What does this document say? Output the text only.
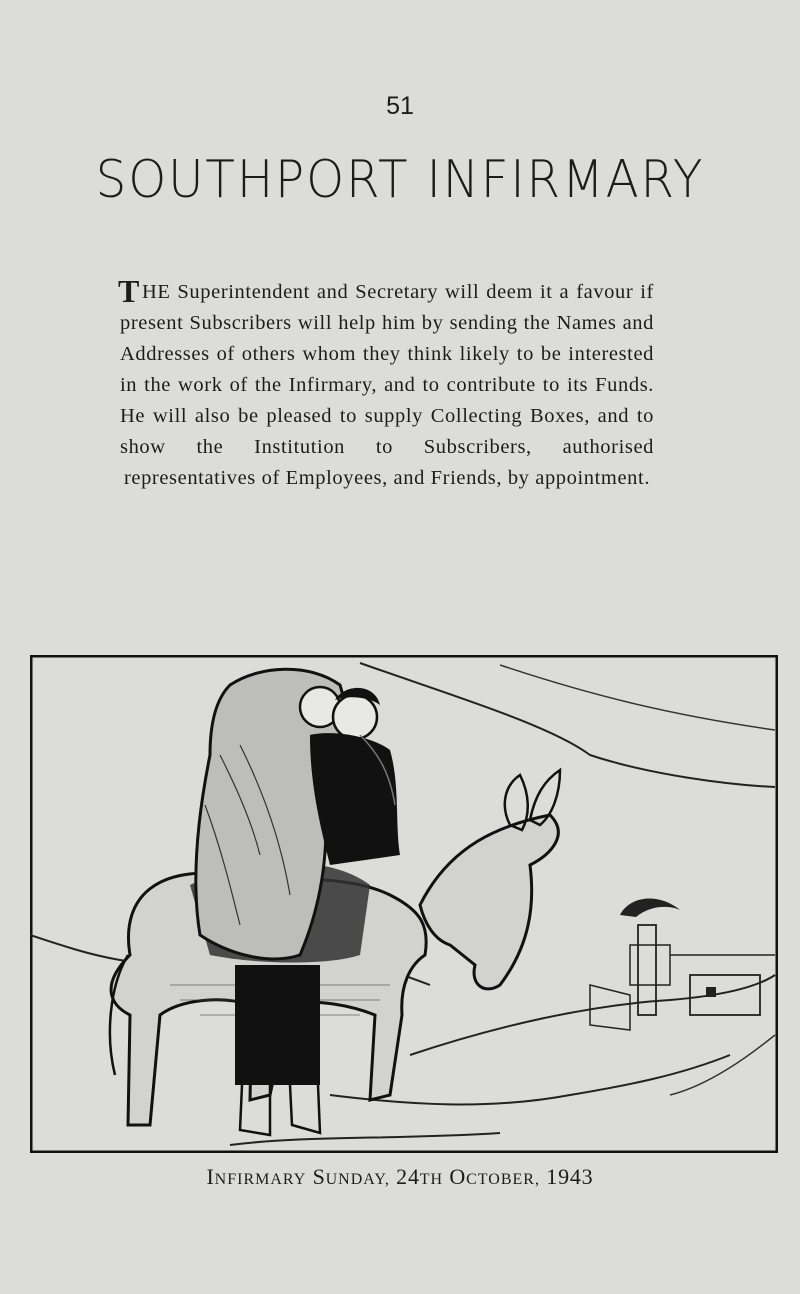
51
SOUTHPORT INFIRMARY
THE Superintendent and Secretary will deem it a favour if present Subscribers will help him by sending the Names and Addresses of others whom they think likely to be interested in the work of the Infirmary, and to contribute to its Funds. He will also be pleased to supply Collecting Boxes, and to show the Institution to Subscribers, authorised representatives of Employees, and Friends, by appointment.
INFIRMARY SUNDAY, 24TH OCTOBER, 1943
